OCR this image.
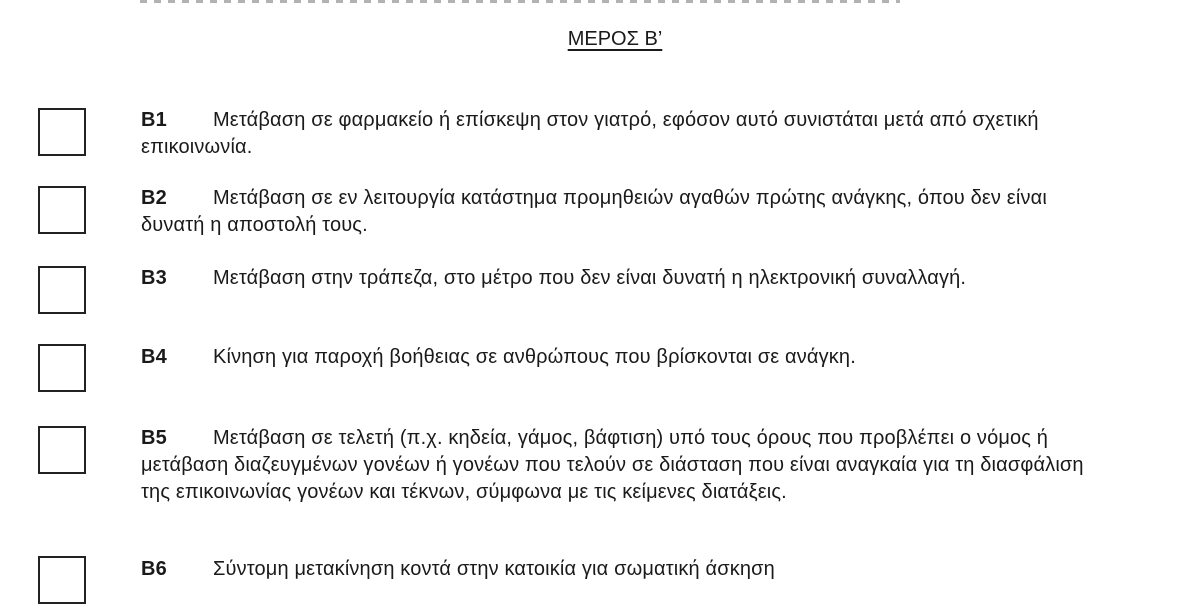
ΜΕΡΟΣ Β’
Β1 Μετάβαση σε φαρμακείο ή επίσκεψη στον γιατρό, εφόσον αυτό συνιστάται μετά από σχετική επικοινωνία.
Β2 Μετάβαση σε εν λειτουργία κατάστημα προμηθειών αγαθών πρώτης ανάγκης, όπου δεν είναι δυνατή η αποστολή τους.
Β3 Μετάβαση στην τράπεζα, στο μέτρο που δεν είναι δυνατή η ηλεκτρονική συναλλαγή.
Β4 Κίνηση για παροχή βοήθειας σε ανθρώπους που βρίσκονται σε ανάγκη.
Β5 Μετάβαση σε τελετή (π.χ. κηδεία, γάμος, βάφτιση) υπό τους όρους που προβλέπει ο νόμος ή μετάβαση διαζευγμένων γονέων ή γονέων που τελούν σε διάσταση που είναι αναγκαία για τη διασφάλιση της επικοινωνίας γονέων και τέκνων, σύμφωνα με τις κείμενες διατάξεις.
Β6 Σύντομη μετακίνηση κοντά στην κατοικία για σωματική άσκηση
